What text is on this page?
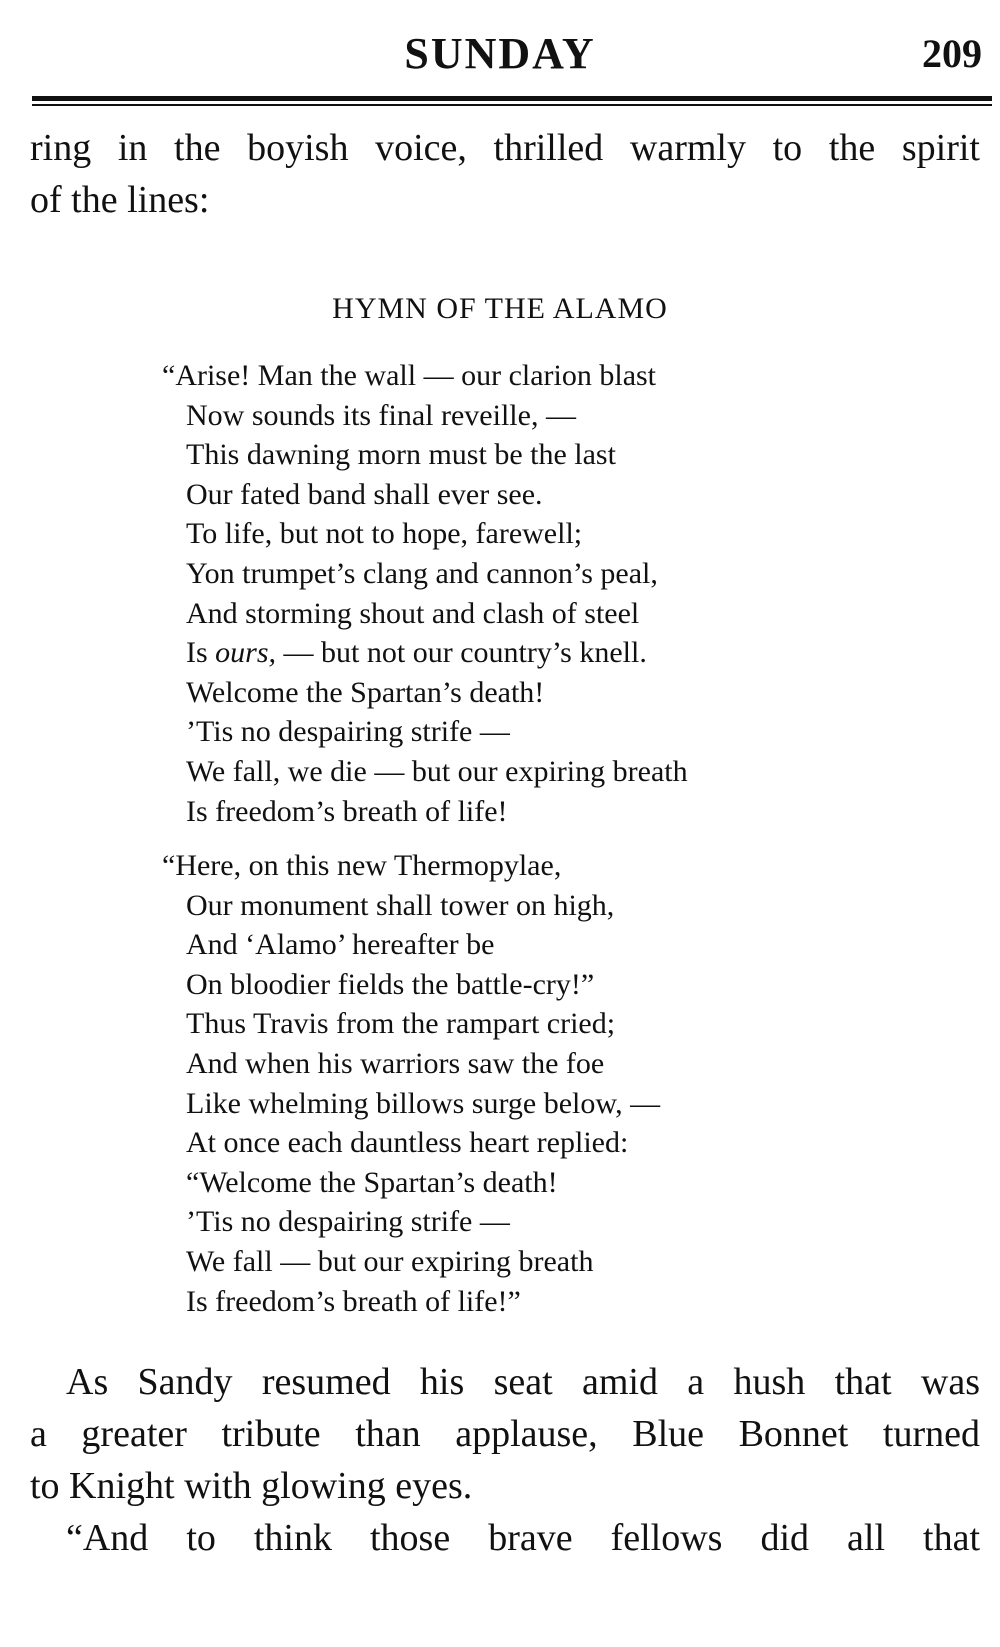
SUNDAY	209

ring in the boyish voice, thrilled warmly to the spirit
of the lines:

HYMN OF THE ALAMO

“Arise! Man the wall — our clarion blast
Now sounds its final reveille, —
This dawning morn must be the last
Our fated band shall ever see.
To life, but not to hope, farewell;
Yon trumpet’s clang and cannon’s peal,
And storming shout and clash of steel
Is ours, — but not our country’s knell.
Welcome the Spartan’s death!
’Tis no despairing strife —
We fall, we die — but our expiring breath
Is freedom’s breath of life!

“Here, on this new Thermopylae,
Our monument shall tower on high,
And ‘Alamo’ hereafter be
On bloodier fields the battle-cry!”
Thus Travis from the rampart cried;
And when his warriors saw the foe
Like whelming billows surge below, —
At once each dauntless heart replied:
“Welcome the Spartan’s death!
’Tis no despairing strife —
We fall — but our expiring breath
Is freedom’s breath of life!”

As Sandy resumed his seat amid a hush that was
a greater tribute than applause, Blue Bonnet turned
to Knight with glowing eyes.

“And to think those brave fellows did all that
